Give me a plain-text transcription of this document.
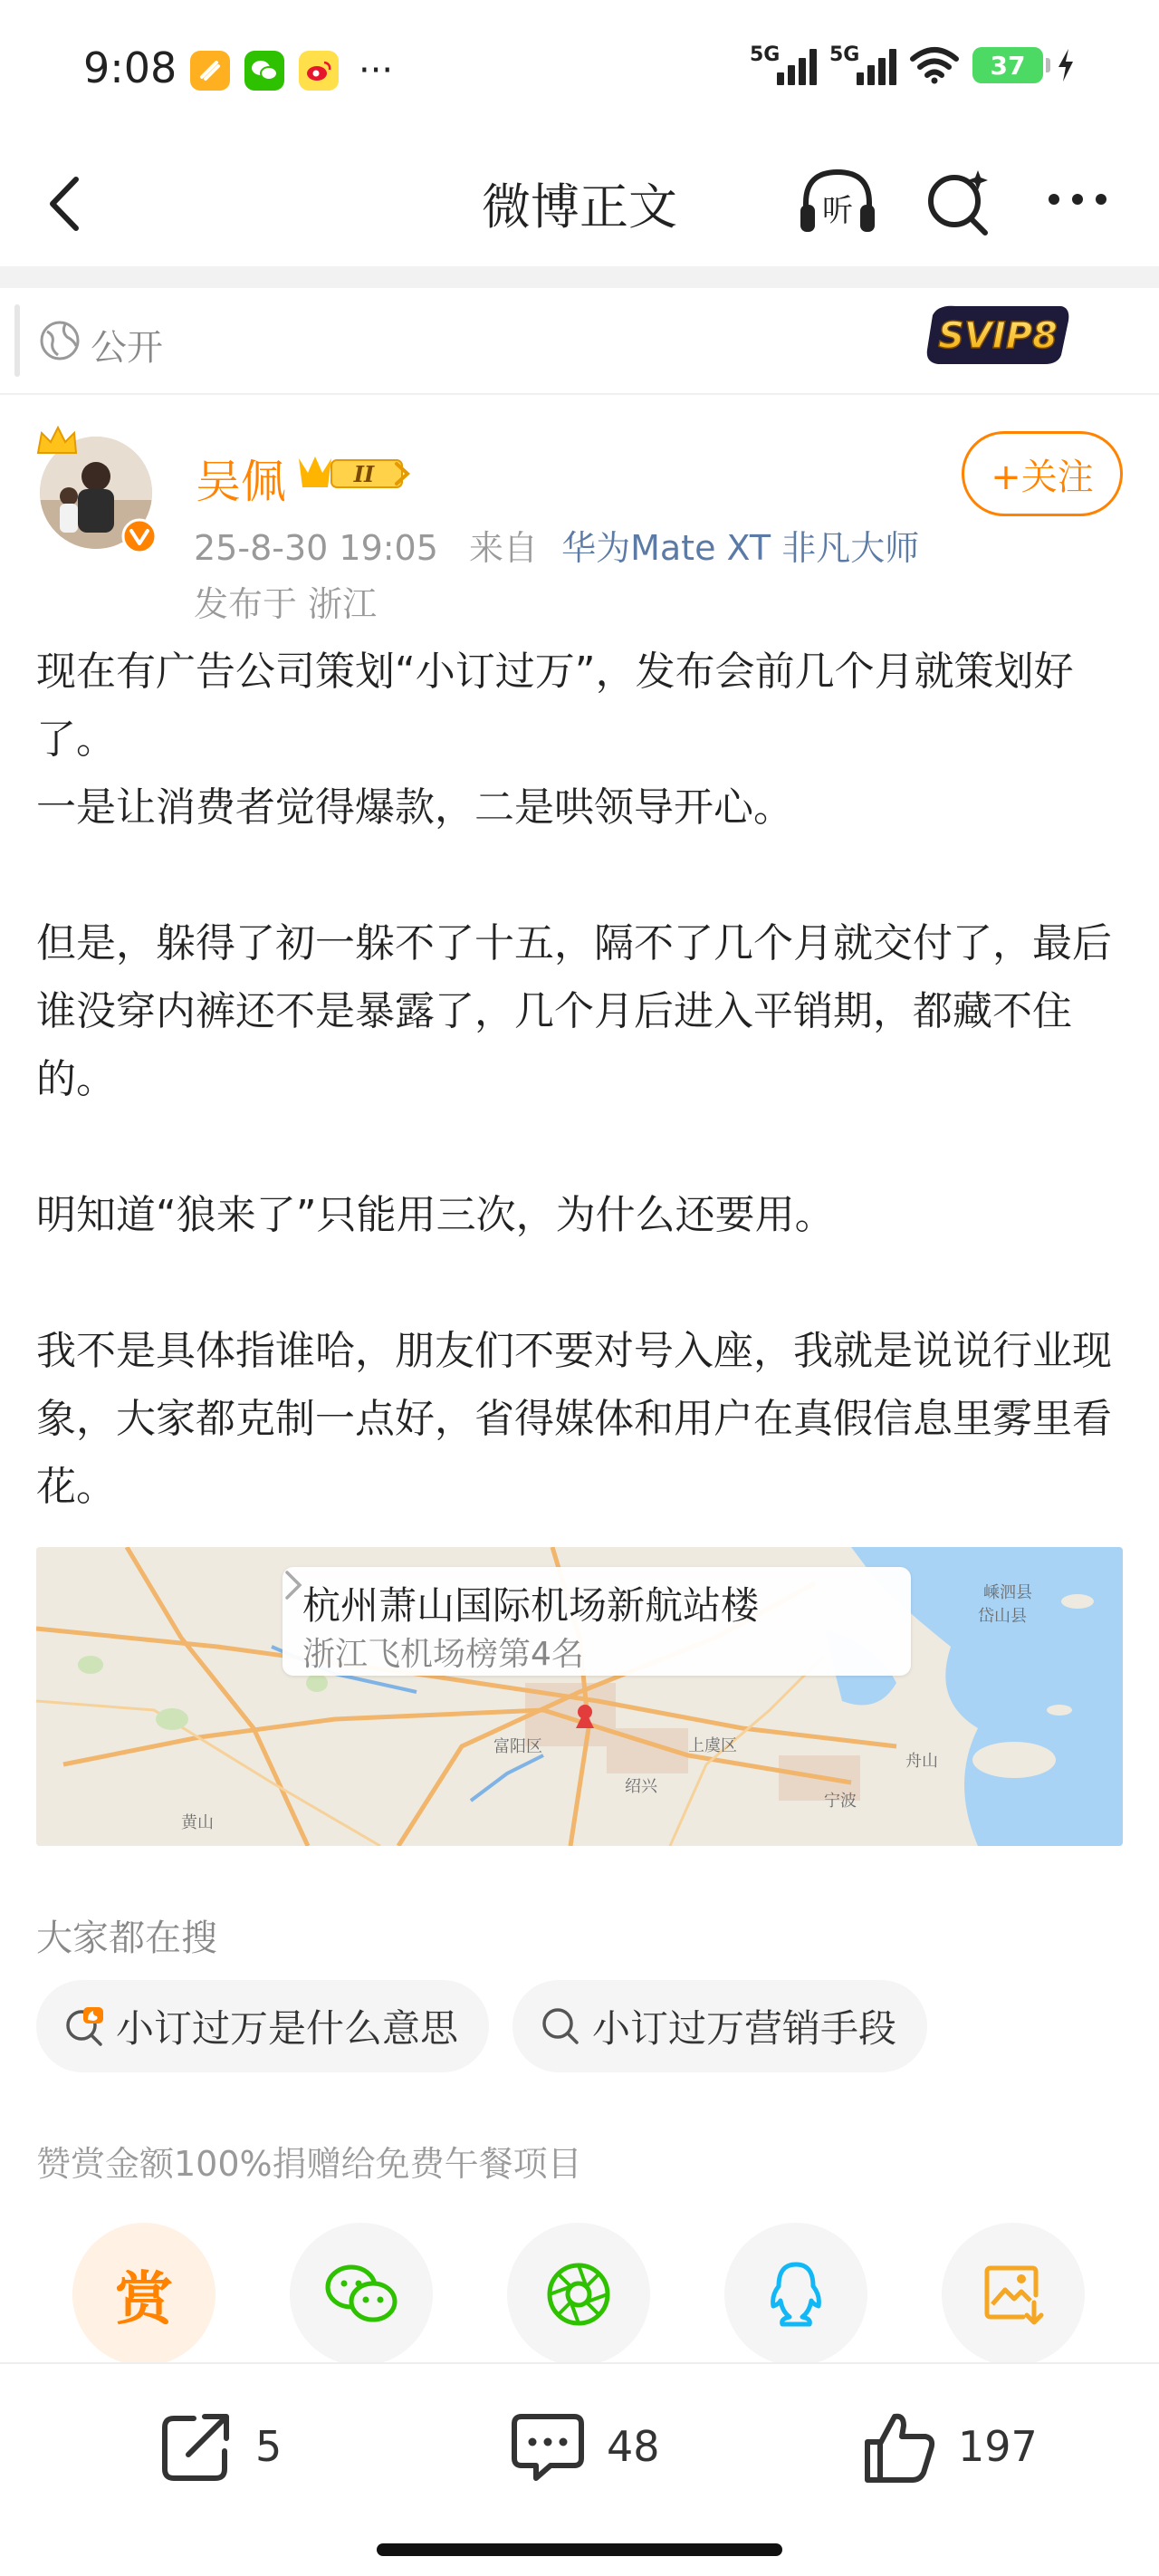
9:08	···	5G 5G	37
微博正文	听
公开	SVIP8
吴佩	II
25-8-30 19:05 来自 华为Mate XT 非凡大师
发布于 浙江
+关注

现在有广告公司策划“小订过万”，发布会前几个月就策划好了。

一是让消费者觉得爆款，二是哄领导开心。

但是，躲得了初一躲不了十五，隔不了几个月就交付了，最后谁没穿内裤还不是暴露了，几个月后进入平销期，都藏不住的。

明知道“狼来了”只能用三次，为什么还要用。

我不是具体指谁哈，朋友们不要对号入座，我就是说说行业现象，大家都克制一点好，省得媒体和用户在真假信息里雾里看花。

宁波
绍兴
舟山
黄山
富阳区	上虞区
嵊泗县
岱山县
杭州萧山国际机场新航站楼
浙江飞机场榜第4名
大家都在搜
小订过万是什么意思	小订过万营销手段
赞赏金额100%捐赠给免费午餐项目
赏
5	48	197
